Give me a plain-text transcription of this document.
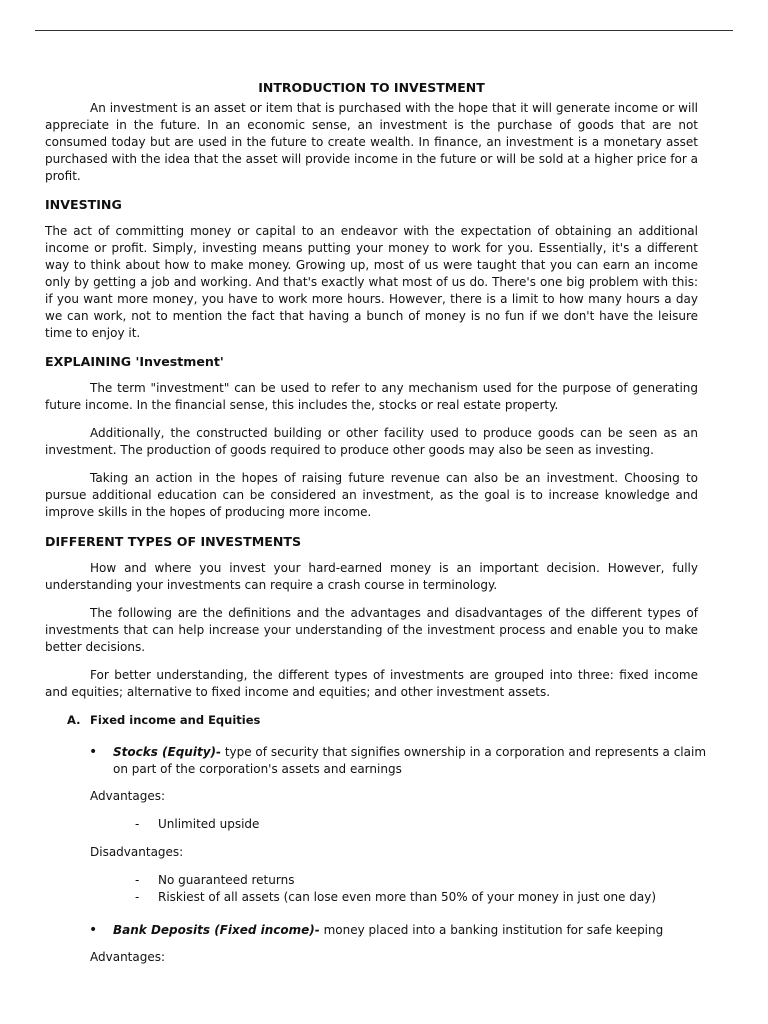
INTRODUCTION TO INVESTMENT

An investment is an asset or item that is purchased with the hope that it will generate income or will appreciate in the future. In an economic sense, an investment is the purchase of goods that are not consumed today but are used in the future to create wealth. In finance, an investment is a monetary asset purchased with the idea that the asset will provide income in the future or will be sold at a higher price for a profit.

INVESTING

The act of committing money or capital to an endeavor with the expectation of obtaining an additional income or profit. Simply, investing means putting your money to work for you. Essentially, it's a different way to think about how to make money. Growing up, most of us were taught that you can earn an income only by getting a job and working. And that's exactly what most of us do. There's one big problem with this: if you want more money, you have to work more hours. However, there is a limit to how many hours a day we can work, not to mention the fact that having a bunch of money is no fun if we don't have the leisure time to enjoy it.

EXPLAINING 'Investment'

The term "investment" can be used to refer to any mechanism used for the purpose of generating future income. In the financial sense, this includes the, stocks or real estate property.

Additionally, the constructed building or other facility used to produce goods can be seen as an investment. The production of goods required to produce other goods may also be seen as investing.

Taking an action in the hopes of raising future revenue can also be an investment. Choosing to pursue additional education can be considered an investment, as the goal is to increase knowledge and improve skills in the hopes of producing more income.

DIFFERENT TYPES OF INVESTMENTS

How and where you invest your hard-earned money is an important decision. However, fully understanding your investments can require a crash course in terminology.

The following are the definitions and the advantages and disadvantages of the different types of investments that can help increase your understanding of the investment process and enable you to make better decisions.

For better understanding, the different types of investments are grouped into three: fixed income and equities; alternative to fixed income and equities; and other investment assets.

A. Fixed income and Equities
• Stocks (Equity)- type of security that signifies ownership in a corporation and represents a claim on part of the corporation's assets and earnings
Advantages:
- Unlimited upside
Disadvantages:
- No guaranteed returns
- Riskiest of all assets (can lose even more than 50% of your money in just one day)
• Bank Deposits (Fixed income)- money placed into a banking institution for safe keeping
Advantages:
